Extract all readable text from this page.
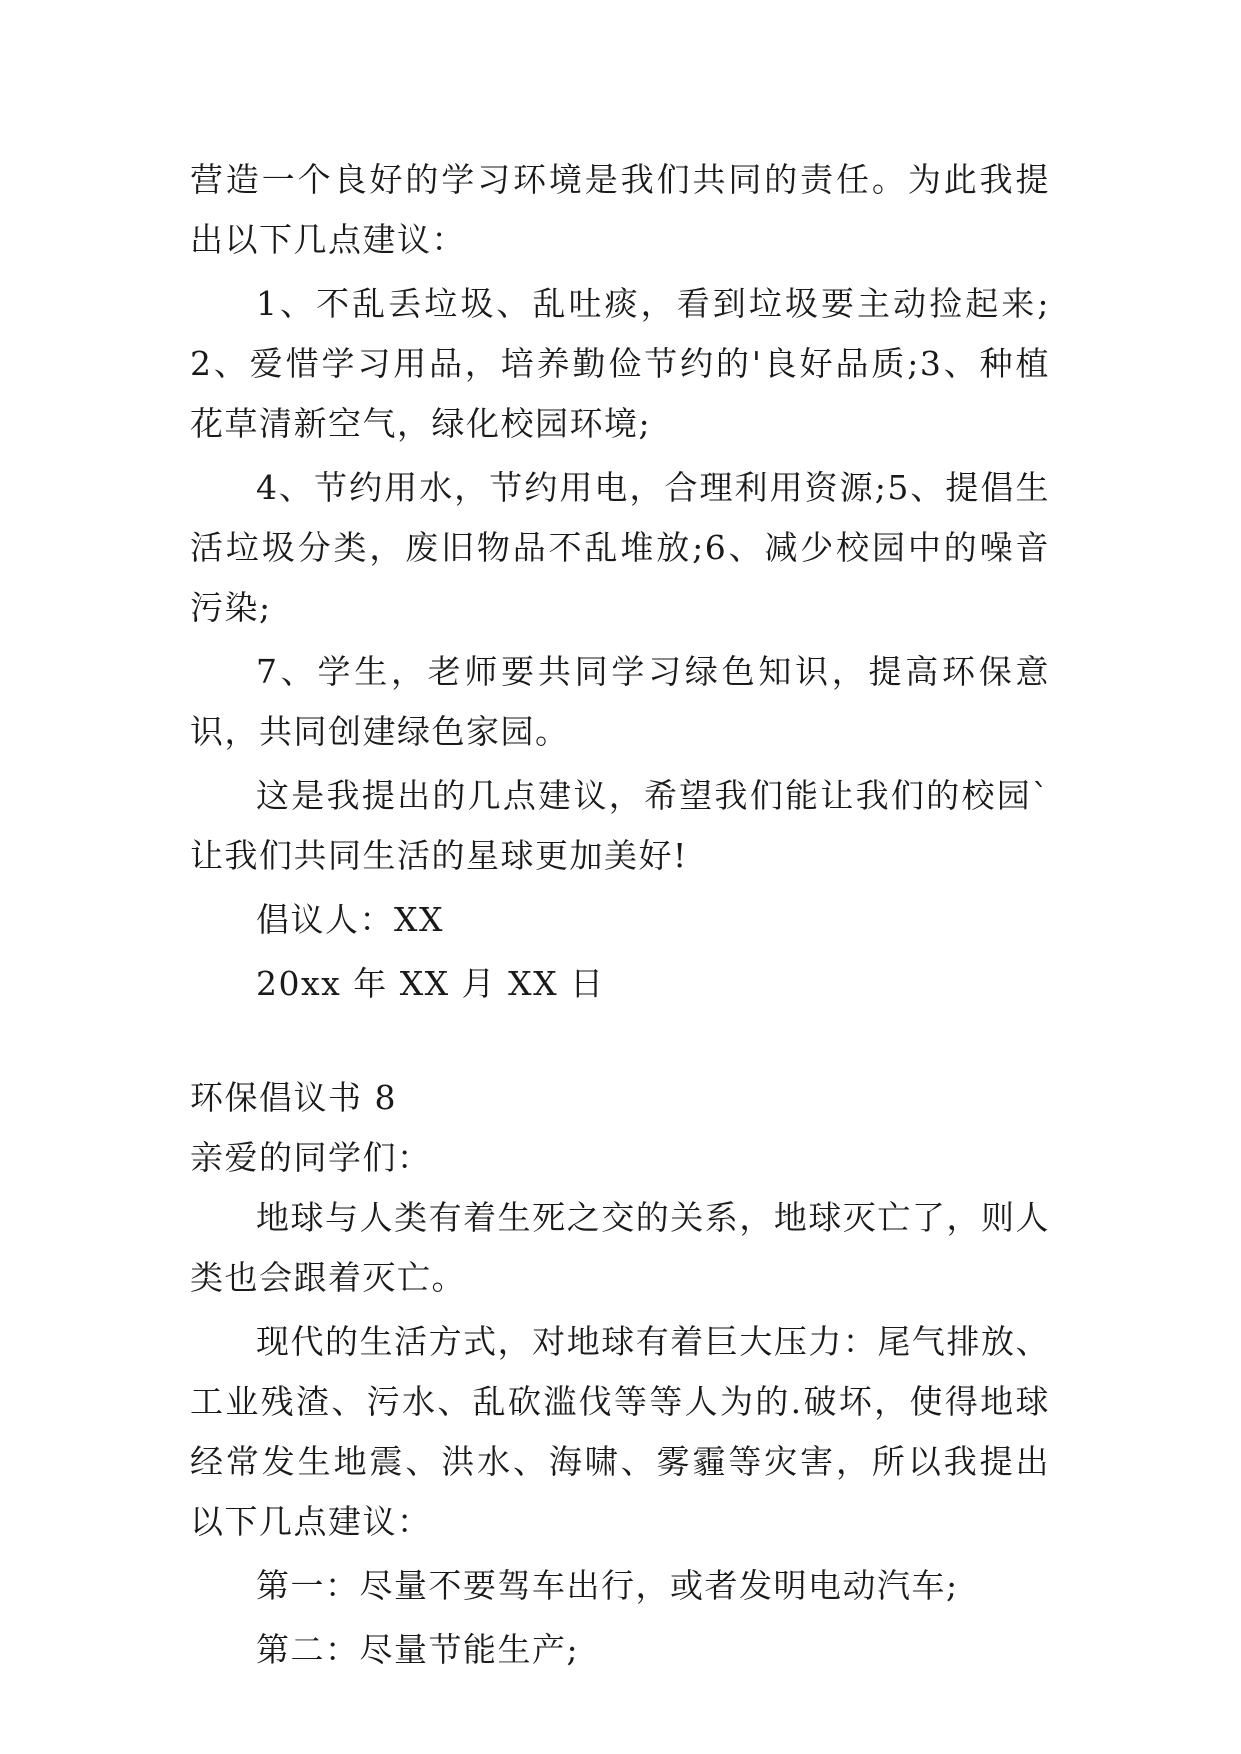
营造一个良好的学习环境是我们共同的责任。为此我提出以下几点建议：

1、不乱丢垃圾、乱吐痰，看到垃圾要主动捡起来;2、爱惜学习用品，培养勤俭节约的'良好品质;3、种植花草清新空气，绿化校园环境;

4、节约用水，节约用电，合理利用资源;5、提倡生活垃圾分类，废旧物品不乱堆放;6、减少校园中的噪音污染;

7、学生，老师要共同学习绿色知识，提高环保意识，共同创建绿色家园。

这是我提出的几点建议，希望我们能让我们的校园`让我们共同生活的星球更加美好!

倡议人：XX

20xx 年 XX 月 XX 日

环保倡议书 8

亲爱的同学们：

地球与人类有着生死之交的关系，地球灭亡了，则人类也会跟着灭亡。

现代的生活方式，对地球有着巨大压力：尾气排放、工业残渣、污水、乱砍滥伐等等人为的.破坏，使得地球经常发生地震、洪水、海啸、雾霾等灾害，所以我提出以下几点建议：

第一：尽量不要驾车出行，或者发明电动汽车;

第二：尽量节能生产;
